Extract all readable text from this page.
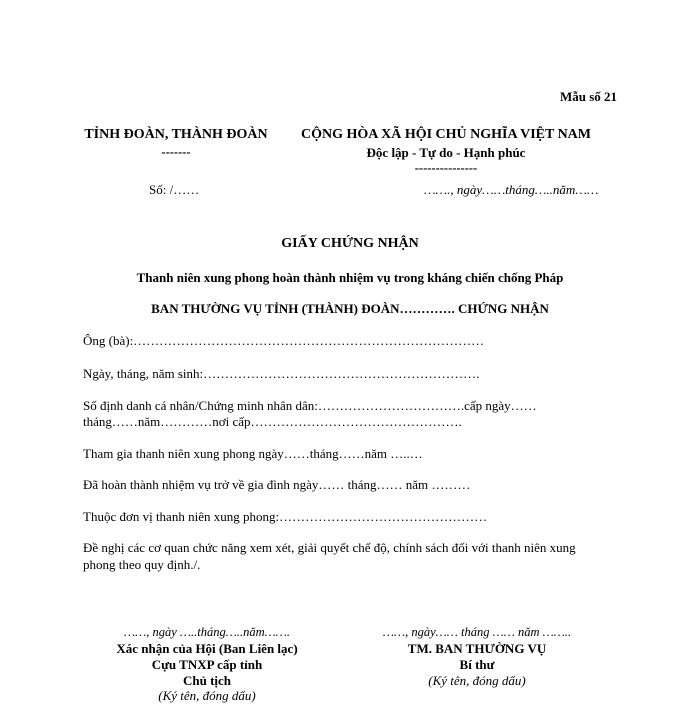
Mẫu số 21
TỈNH ĐOÀN, THÀNH ĐOÀN
-------
Số: /……
CỘNG HÒA XÃ HỘI CHỦ NGHĨA VIỆT NAM
Độc lập - Tự do - Hạnh phúc
---------------
……., ngày……tháng…..năm……
GIẤY CHỨNG NHẬN
Thanh niên xung phong hoàn thành nhiệm vụ trong kháng chiến chống Pháp
BAN THƯỜNG VỤ TỈNH (THÀNH) ĐOÀN…………. CHỨNG NHẬN
Ông (bà):………………………………………………………………………
Ngày, tháng, năm sinh:……………………………………………………….
Số định danh cá nhân/Chứng minh nhân dân:…………………………….cấp ngày……
tháng……năm…………nơi cấp………………………………………….
Tham gia thanh niên xung phong ngày……tháng……năm …..…
Đã hoàn thành nhiệm vụ trở về gia đình ngày…… tháng…… năm ………
Thuộc đơn vị thanh niên xung phong:…………………………………………
Đề nghị các cơ quan chức năng xem xét, giải quyết chế độ, chính sách đối với thanh niên xung
phong theo quy định./.
……, ngày …..tháng…..năm…….
Xác nhận của Hội (Ban Liên lạc)
Cựu TNXP cấp tỉnh
Chủ tịch
(Ký tên, đóng dấu)
……, ngày…… tháng …… năm ……..
TM. BAN THƯỜNG VỤ
Bí thư
(Ký tên, đóng dấu)
